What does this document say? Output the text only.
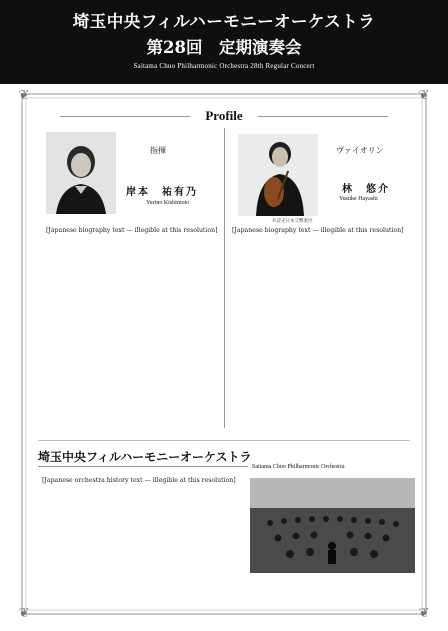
埼玉中央フィルハーモニーオーケストラ
第28回　定期演奏会
Saitama Chuo Philharmonic Orchestra 28th Regular Concert
❦	❦
❦	❦
Profile
指揮
岸本　祐有乃
Yurino Kishimoto
[Japanese biography text — illegible at this resolution]
©読売日本交響楽団
ヴァイオリン
林　悠介
Yusuke Hayashi
[Japanese biography text — illegible at this resolution]
埼玉中央フィルハーモニーオーケストラ
Saitama Chuo Philharmonic Orchestra
[Japanese orchestra history text — illegible at this resolution]
